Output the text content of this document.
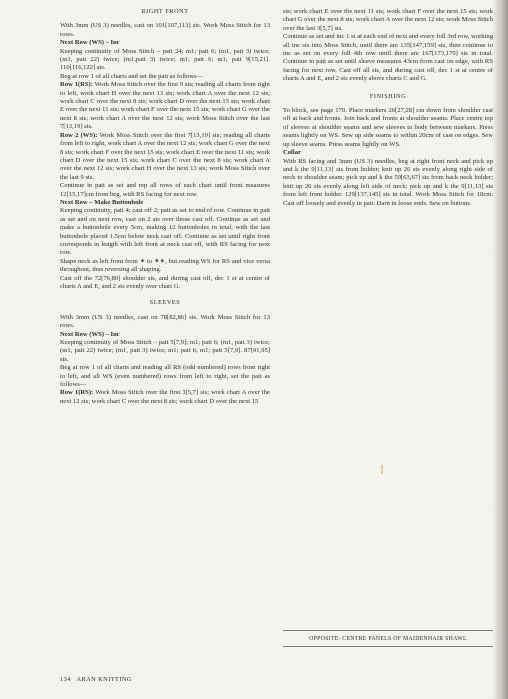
RIGHT FRONT

With 3mm (US 3) needles, cast on 101[107,113] sts. Work Moss Stitch for 13 rows.

Next Row (WS) – Inc

Keeping continuity of Moss Stitch – patt 24; m1; patt 6; (m1, patt 3) twice; (m1, patt 22) twice; (m1,patt 3) twice; m1; patt 6; m1; patt 9[15,21]. 110[116,122] sts.

Beg at row 1 of all charts and set the patt as follows—

Row 1(RS): Work Moss Stitch over the first 9 sts; reading all charts from right to left, work chart H over the next 13 sts; work chart A over the next 12 sts; work chart C over the next 8 sts; work chart D over the next 15 sts; work chart E over the next 11 sts; work chart F over the next 15 sts; work chart G over the next 8 sts; work chart A over the next 12 sts; work Moss Stitch over the last 7[13,19] sts.

Row 2 (WS): Work Moss Stitch over the first 7[13,19] sts; reading all charts from left to right, work chart A over the next 12 sts; work chart G over the next 8 sts; work chart F over the next 15 sts; work chart E over the next 11 sts; work chart D over the next 15 sts; work chart C over the next 8 sts; work chart A over the next 12 sts; work chart H over the next 13 sts; work Moss Stitch over the last 9 sts.

Continue in patt as set and rep all rows of each chart until front measures 12[15,17]cm from beg, with RS facing for next row.

Next Row – Make Buttonhole

Keeping continuity, patt 4; cast off 2; patt as set to end of row. Continue in patt as set and on next row, cast on 2 sts over those cast off. Continue as set and make a buttonhole every 5cm, making 12 buttonholes in total, with the last buttonhole placed 1.5cm below neck cast off. Continue as set until right front corresponds in length with left front at neck cast off, with RS facing for next row.

Shape neck as left front from ✶ to ✶✶, but reading WS for RS and vice versa throughout, thus reversing all shaping.

Cast off the 72[76,80] shoulder sts, and during cast off, dec 1 st at centre of charts A and E, and 2 sts evenly over chart G.

SLEEVES

With 3mm (US 3) needles, cast on 78[82,86] sts. Work Moss Stitch for 13 rows.

Next Row (WS) – Inc

Keeping continuity of Moss Stitch – patt 5[7,9]; m1; patt 6; (m1, patt 3) twice; (m1, patt 22) twice; (m1, patt 3) twice; m1; patt 6; m1; patt 5[7,9]. 87[91,95] sts.

Beg at row 1 of all charts and reading all RS (odd numbered) rows from right to left, and all WS (even numbered) rows from left to right, set the patt as follows—

Row 1(RS): Work Moss Stitch over the first 3[5,7] sts; work chart A over the next 12 sts; work chart C over the next 8 sts; work chart D over the next 15

sts; work chart E over the next 11 sts; work chart F over the next 15 sts; work chart G over the next 8 sts; work chart A over the next 12 sts; work Moss Stitch over the last 3[5,7] sts.

Continue as set and inc 1 st at each end of next and every foll 3rd row, working all inc sts into Moss Stitch, until there are 135[147,159] sts, then continue to inc as set on every foll 4th row until there are 167[173,179] sts in total. Continue in patt as set until sleeve measures 43cm from cast on edge, with RS facing for next row. Cast off all sts, and during cast off, dec 1 st at centre of charts A and E, and 2 sts evenly above charts C and G.

FINISHING

To block, see page 170. Place markers 26[27,28] cm down from shoulder cast off at back and fronts. Join back and fronts at shoulder seams. Place centre top of sleeves at shoulder seams and sew sleeves to body between markers. Press seams lightly on WS. Sew up side seams to within 20cm of cast on edges. Sew up sleeve seams. Press seams lightly on WS.

Collar

With RS facing and 3mm (US 3) needles, beg at right front neck and pick up and k the 9[11,13] sts from holder; knit up 26 sts evenly along right side of neck to shoulder seam; pick up and k the 59[63,67] sts from back neck holder; knit up 26 sts evenly along left side of neck; pick up and k the 9[11,13] sts from left front holder. 129[137,145] sts in total. Work Moss Stitch for 10cm. Cast off loosely and evenly in patt. Darn in loose ends. Sew on buttons.

OPPOSITE: CENTRE PANELS OF MAIDENHAIR SHAWL
134 ARAN KNITTING
